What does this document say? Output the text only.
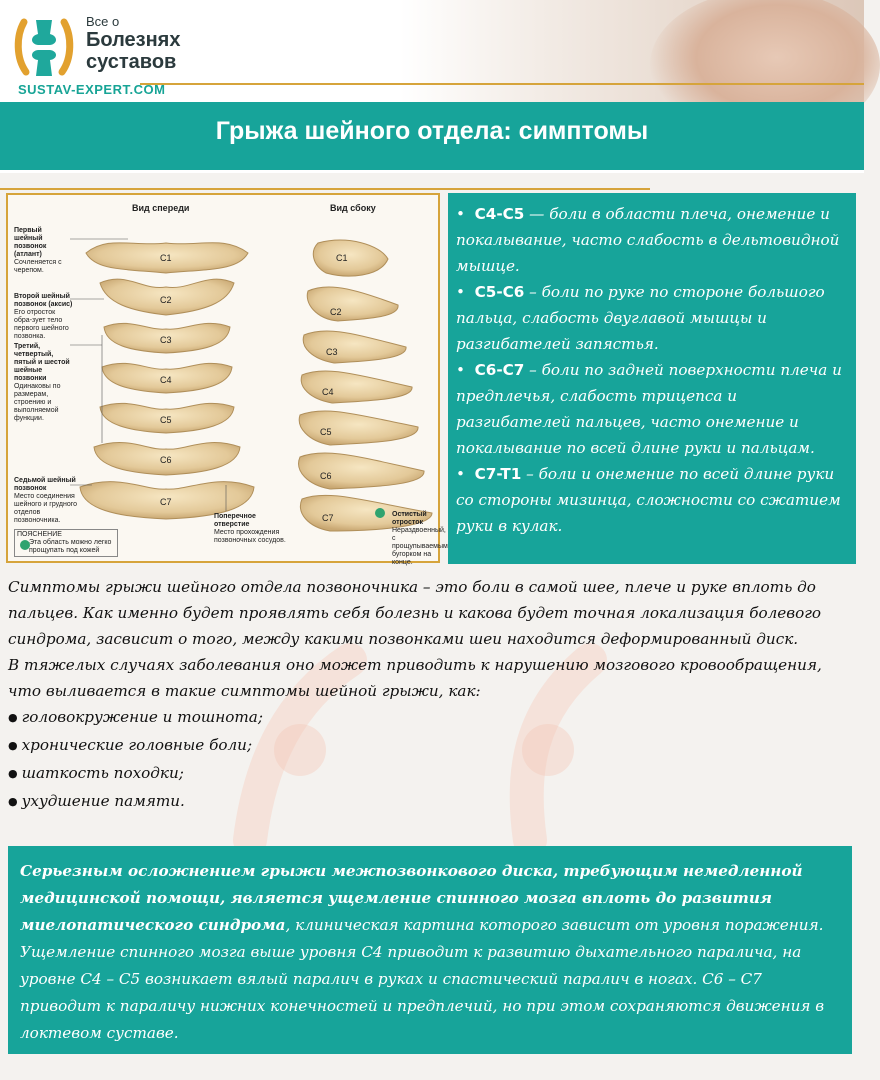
Все о
Болезнях
суставов
SUSTAV-EXPERT.COM
Грыжа шейного отдела: симптомы
Вид спереди	Вид сбоку
C1
C2
C3
C4
C5
C6
C7
C1
C2
C3
C4
C5
C6
C7
Первый шейный позвонок (атлант)
Сочленяется с черепом.
Второй шейный позвонок (аксис)
Его отросток обра-зует тело первого шейного позвонка.
Третий, четвертый, пятый и шестой шейные позвонки
Одинаковы по размерам, строению и выполняемой функции.
Седьмой шейный позвонок
Место соединения шейного и грудного отделов позвоночника.
ПОЯСНЕНИЕ
Эта область можно легко прощупать под кожей
Поперечное отверстие
Место прохождения позвоночных сосудов.
Остистый отросток
Нераздвоенный, с прощупываемым бугорком на конце.

•  C4-C5 — боли в области плеча, онемение и покалывание, часто слабость в дельтовидной мышце.

•  C5-C6 – боли по руке по стороне большого пальца, слабость двуглавой мышцы и разгибателей запястья.

•  C6-C7 – боли по задней поверхности плеча и предплечья, слабость трицепса и разгибателей пальцев, часто онемение и покалывание по всей длине руки и пальцам.

•  C7-T1 – боли и онемение по всей длине руки со стороны мизинца, сложности со сжатием руки в кулак.

Симптомы грыжи шейного отдела позвоночника – это боли в самой шее, плече и руке вплоть до пальцев. Как именно будет проявлять себя болезнь и какова будет точная локализация болевого синдрома, засвисит о того, между какими позвонками шеи находится деформированный диск.

В тяжелых случаях заболевания оно может приводить к нарушению мозгового кровообращения, что выливается в такие симптомы шейной грыжи, как:

● головокружение и тошнота;
● хронические головные боли;
● шаткость походки;
● ухудшение памяти.
Серьезным осложнением грыжи межпозвонкового диска, требующим немедленной медицинской помощи, является ущемление спинного мозга вплоть до развития миелопатического синдрома, клиническая картина которого зависит от уровня поражения. Ущемление спинного мозга выше уровня С4 приводит к развитию дыхательного паралича, на уровне С4 – С5 возникает вялый паралич в руках и спастический паралич в ногах. С6 – С7 приводит к параличу нижних конечностей и предплечий, но при этом сохраняются движения в локтевом суставе.
